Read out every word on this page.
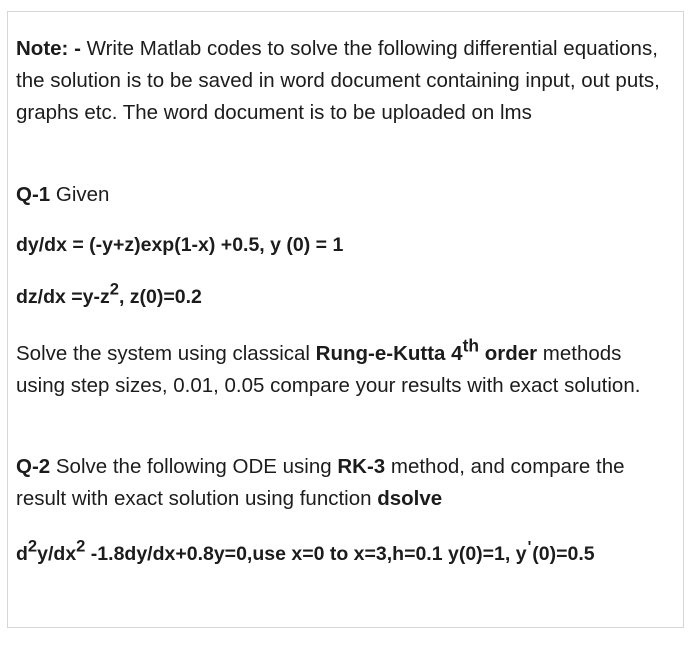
Note: - Write Matlab codes to solve the following differential equations, the solution is to be saved in word document containing input, out puts, graphs etc. The word document is to be uploaded on lms

Q-1 Given

dy/dx = (-y+z)exp(1-x) +0.5, y (0) = 1

$dz/dx =y-z^2$, z(0)=0.2

Solve the system using classical Rung-e-Kutta 4th order methods using step sizes, 0.01, 0.05 compare your results with exact solution.

Q-2 Solve the following ODE using RK-3 method, and compare the result with exact solution using function dsolve

$d^2y/dx^2$ -1.8dy/dx+0.8y=0,use x=0 to x=3,h=0.1 y(0)=1, y'(0)=0.5
